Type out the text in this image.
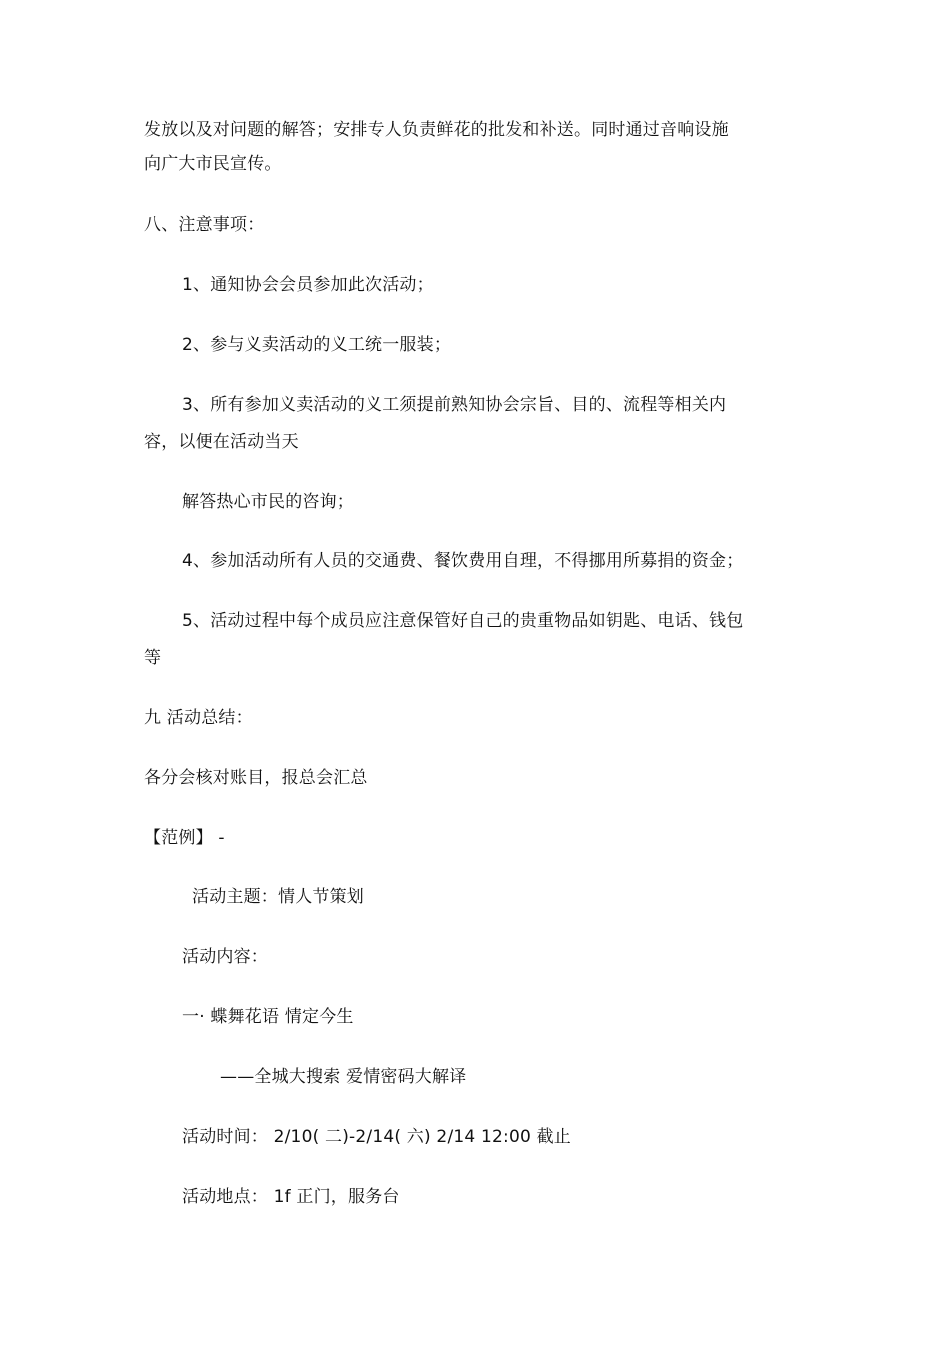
发放以及对问题的解答；安排专人负责鲜花的批发和补送。同时通过音响设施
向广大市民宣传。
八、注意事项：
1、通知协会会员参加此次活动；
2、参与义卖活动的义工统一服装；
3、所有参加义卖活动的义工须提前熟知协会宗旨、目的、流程等相关内
容，以便在活动当天
解答热心市民的咨询；
4、参加活动所有人员的交通费、餐饮费用自理，不得挪用所募捐的资金；
5、活动过程中每个成员应注意保管好自己的贵重物品如钥匙、电话、钱包
等
九 活动总结：
各分会核对账目，报总会汇总
【范例】 -
活动主题：情人节策划
活动内容：
一· 蝶舞花语 情定今生
——全城大搜索 爱情密码大解译
活动时间： 2/10( 二)-2/14( 六) 2/14 12:00 截止
活动地点： 1f 正门，服务台
